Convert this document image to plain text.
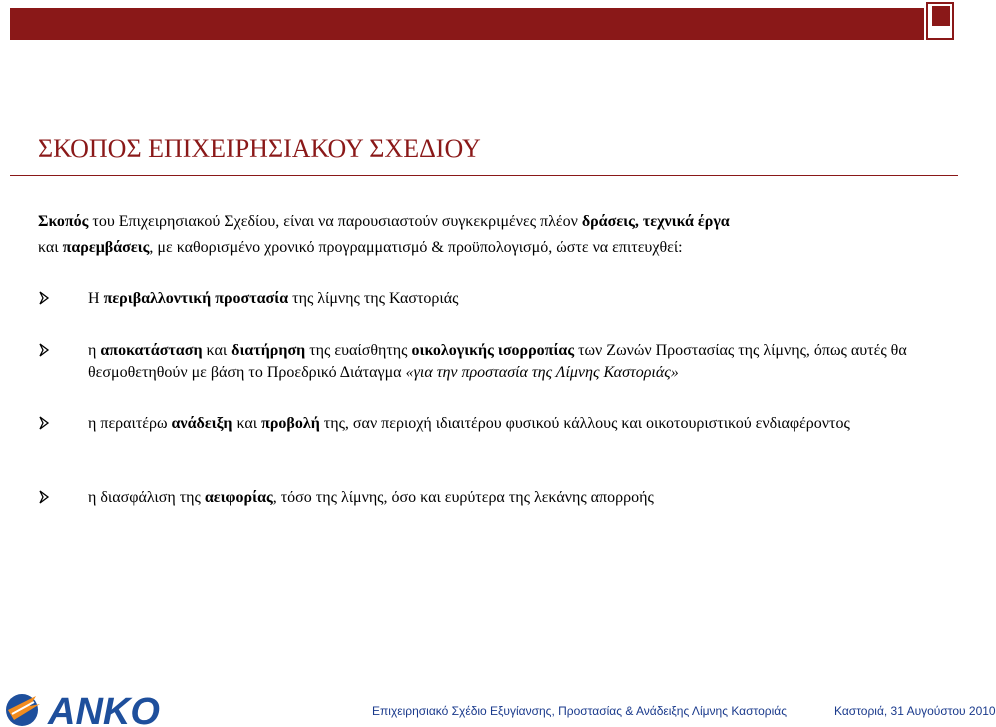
ΣΚΟΠΟΣ ΕΠΙΧΕΙΡΗΣΙΑΚΟΥ ΣΧΕΔΙΟΥ
Σκοπός του Επιχειρησιακού Σχεδίου, είναι να παρουσιαστούν συγκεκριμένες πλέον δράσεις, τεχνικά έργα
και παρεμβάσεις, με καθορισμένο χρονικό προγραμματισμό & προϋπολογισμό, ώστε να επιτευχθεί:
Η περιβαλλοντική προστασία της λίμνης της Καστοριάς
η αποκατάσταση και διατήρηση της ευαίσθητης οικολογικής ισορροπίας των Ζωνών Προστασίας της λίμνης, όπως αυτές θα θεσμοθετηθούν με βάση το Προεδρικό Διάταγμα «για την προστασία της Λίμνης Καστοριάς»
η περαιτέρω ανάδειξη και προβολή της, σαν περιοχή ιδιαιτέρου φυσικού κάλλους και οικοτουριστικού ενδιαφέροντος
η διασφάλιση της αειφορίας, τόσο της λίμνης, όσο και ευρύτερα της λεκάνης απορροής
ANKO	Επιχειρησιακό Σχέδιο Εξυγίανσης, Προστασίας & Ανάδειξης Λίμνης Καστοριάς	Καστοριά, 31 Αυγούστου 2010
